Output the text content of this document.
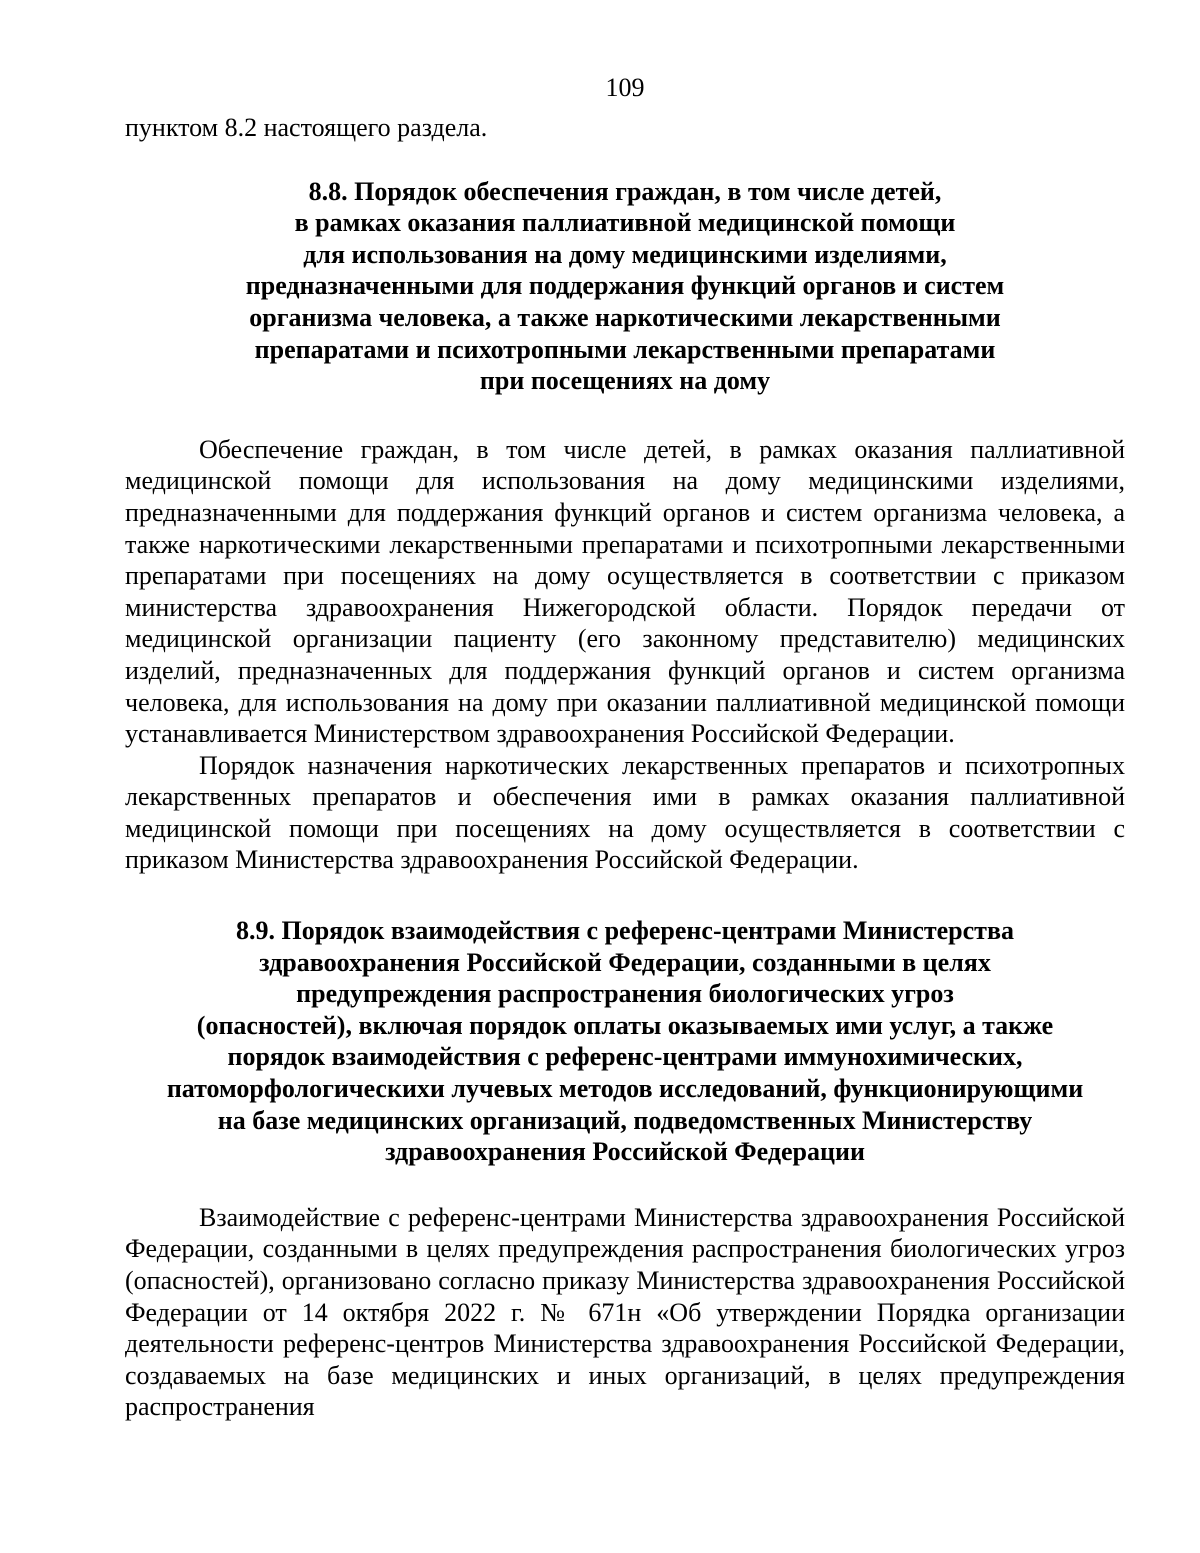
109

пунктом 8.2 настоящего раздела.

8.8. Порядок обеспечения граждан, в том числе детей,
в рамках оказания паллиативной медицинской помощи
для использования на дому медицинскими изделиями,
предназначенными для поддержания функций органов и систем
организма человека, а также наркотическими лекарственными
препаратами и психотропными лекарственными препаратами
при посещениях на дому

Обеспечение граждан, в том числе детей, в рамках оказания паллиативной медицинской помощи для использования на дому медицинскими изделиями, предназначенными для поддержания функций органов и систем организма человека, а также наркотическими лекарственными препаратами и психотропными лекарственными препаратами при посещениях на дому осуществляется в соответствии с приказом министерства здравоохранения Нижегородской области. Порядок передачи от медицинской организации пациенту (его законному представителю) медицинских изделий, предназначенных для поддержания функций органов и систем организма человека, для использования на дому при оказании паллиативной медицинской помощи устанавливается Министерством здравоохранения Российской Федерации.

Порядок назначения наркотических лекарственных препаратов и психотропных лекарственных препаратов и обеспечения ими в рамках оказания паллиативной медицинской помощи при посещениях на дому осуществляется в соответствии с приказом Министерства здравоохранения Российской Федерации.

8.9. Порядок взаимодействия с референс-центрами Министерства
здравоохранения Российской Федерации, созданными в целях
предупреждения распространения биологических угроз
(опасностей), включая порядок оплаты оказываемых ими услуг, а также
порядок взаимодействия с референс-центрами иммунохимических,
патоморфологическихи лучевых методов исследований, функционирующими
на базе медицинских организаций, подведомственных Министерству
здравоохранения Российской Федерации

Взаимодействие с референс-центрами Министерства здравоохранения Российской Федерации, созданными в целях предупреждения распространения биологических угроз (опасностей), организовано согласно приказу Министерства здравоохранения Российской Федерации от 14 октября 2022 г. № 671н «Об утверждении Порядка организации деятельности референс-центров Министерства здравоохранения Российской Федерации, создаваемых на базе медицинских и иных организаций, в целях предупреждения распространения
